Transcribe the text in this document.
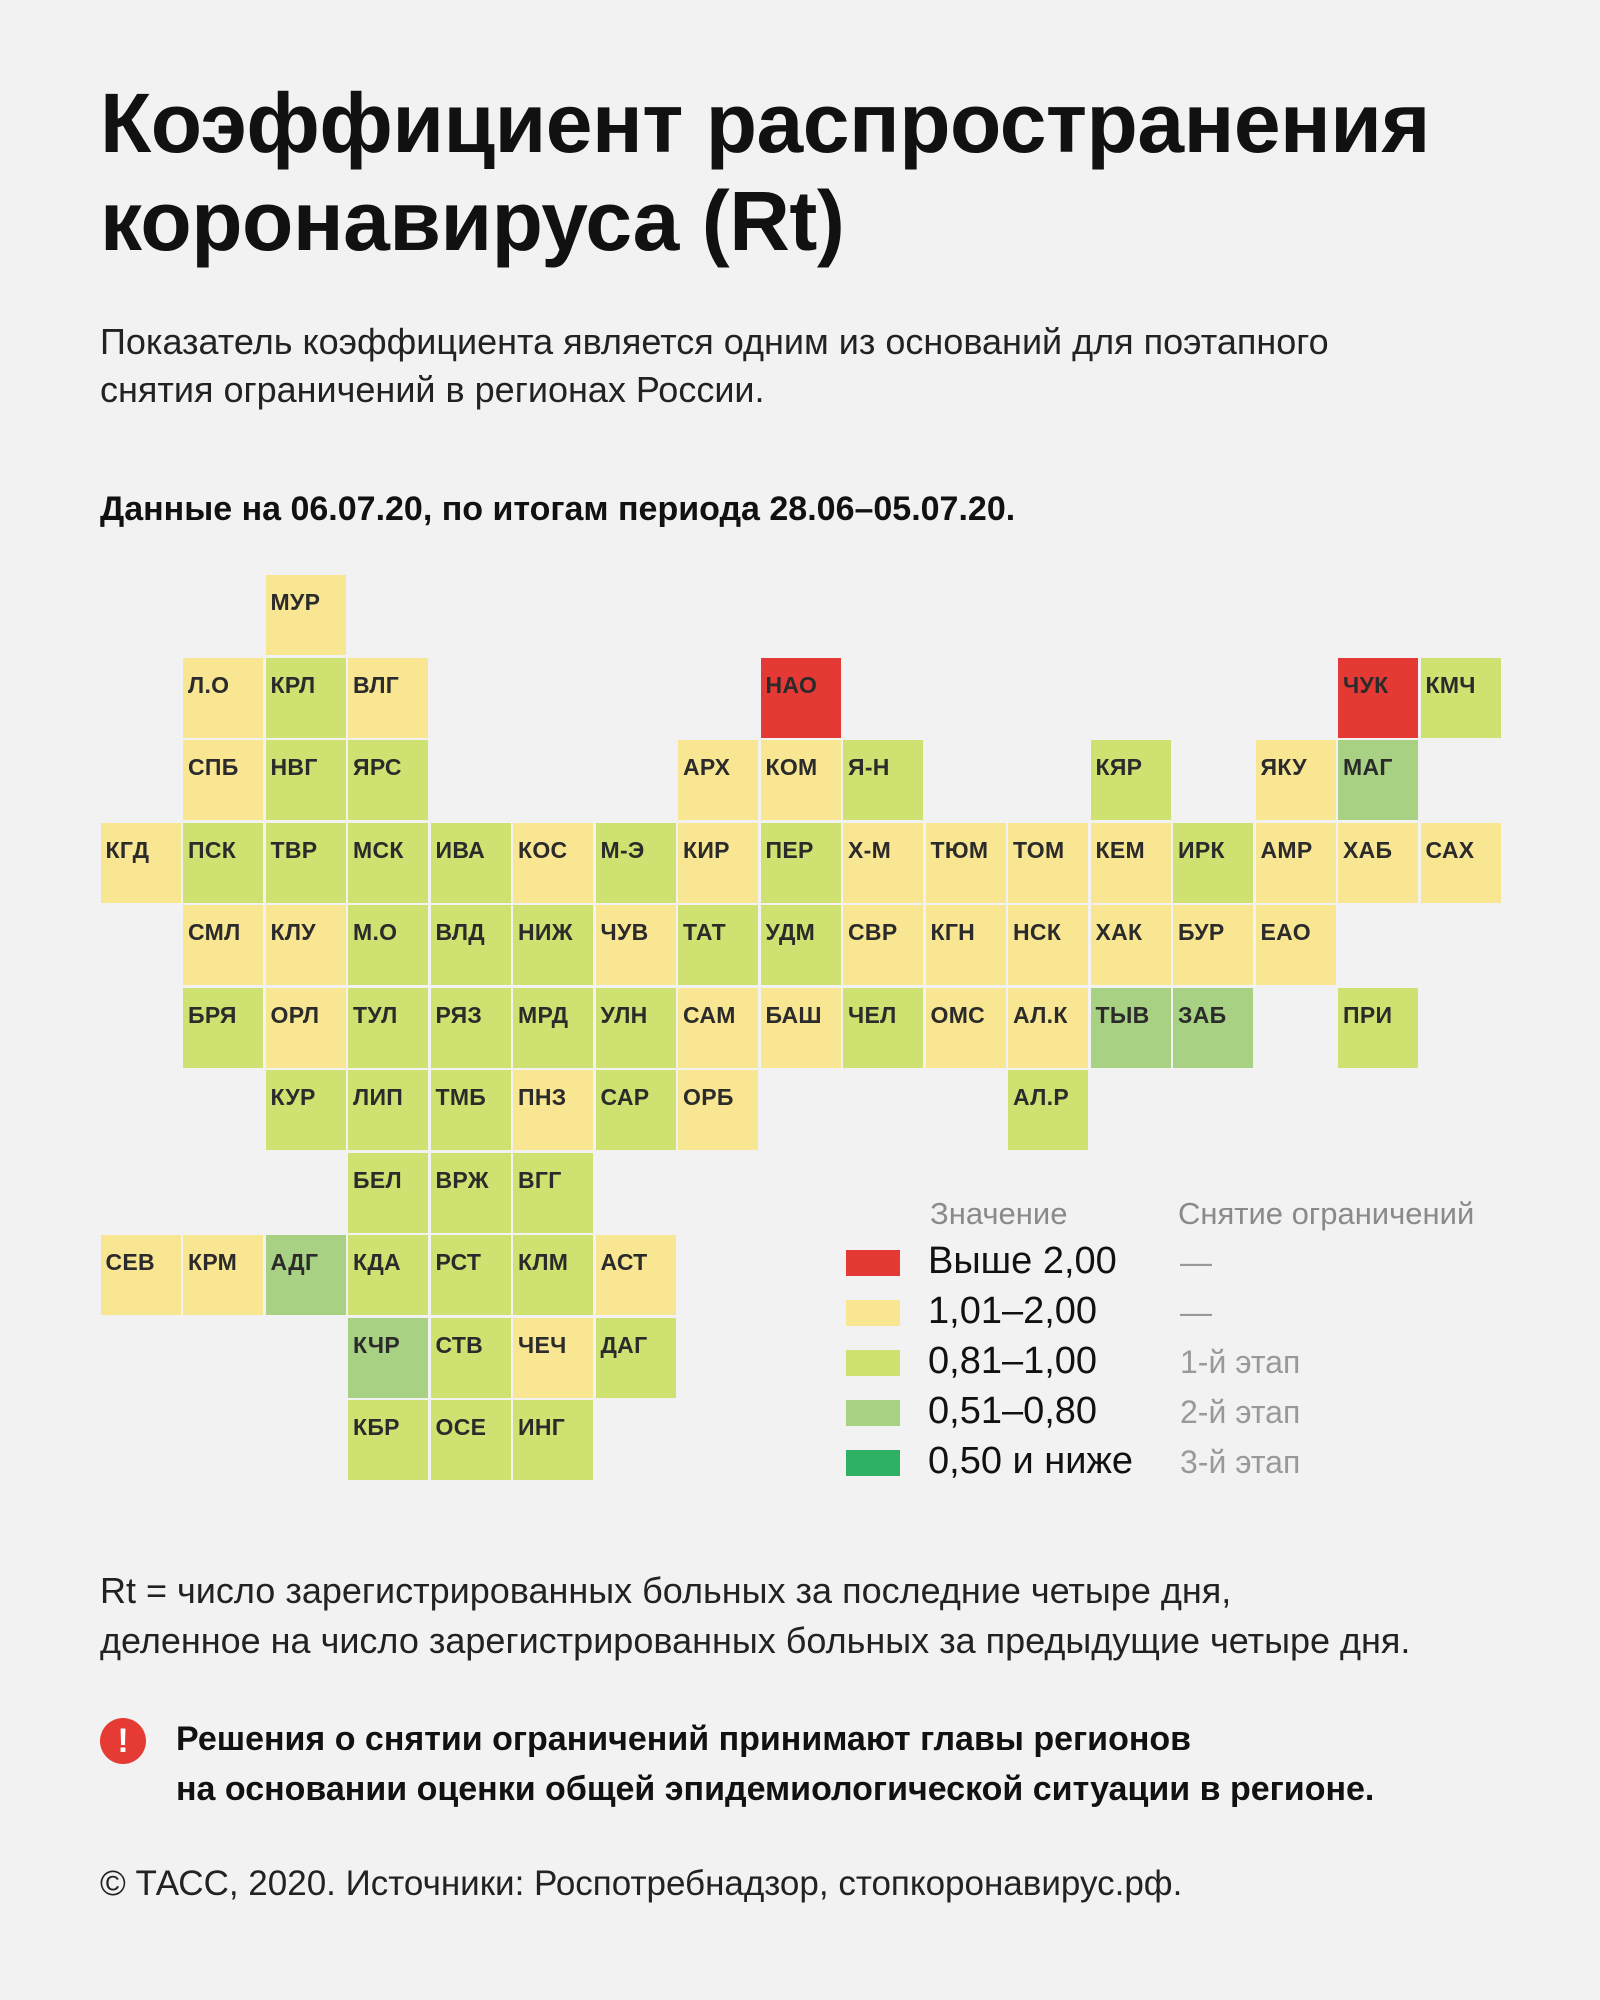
Коэффициент распространения
коронавируса (Rt)
Показатель коэффициента является одним из оснований для поэтапного
снятия ограничений в регионах России.
Данные на 06.07.20, по итогам периода 28.06–05.07.20.
МУР
Л.О	КРЛ	ВЛГ	НАО	ЧУК	КМЧ
СПБ	НВГ	ЯРС	АРХ	КОМ	Я-Н	КЯР	ЯКУ	МАГ
КГД	ПСК	ТВР	МСК	ИВА	КОС	М-Э	КИР	ПЕР	Х-М	ТЮМ	ТОМ	КЕМ	ИРК	АМР	ХАБ	САХ
СМЛ	КЛУ	М.О	ВЛД	НИЖ	ЧУВ	ТАТ	УДМ	СВР	КГН	НСК	ХАК	БУР	ЕАО
БРЯ	ОРЛ	ТУЛ	РЯЗ	МРД	УЛН	САМ	БАШ	ЧЕЛ	ОМС	АЛ.К	ТЫВ	ЗАБ	ПРИ
КУР	ЛИП	ТМБ	ПНЗ	САР	ОРБ	АЛ.Р
БЕЛ	ВРЖ	ВГГ
СЕВ	КРМ	АДГ	КДА	РСТ	КЛМ	АСТ
КЧР	СТВ	ЧЕЧ	ДАГ
КБР	ОСЕ	ИНГ
Значение	Снятие ограничений
Выше 2,00 —
1,01–2,00	—
0,81–1,00	1-й этап
0,51–0,80	2-й этап
0,50 и ниже 3-й этап
Rt = число зарегистрированных больных за последние четыре дня,
деленное на число зарегистрированных больных за предыдущие четыре дня.
!	Решения о снятии ограничений принимают главы регионов
на основании оценки общей эпидемиологической ситуации в регионе.
© ТАСС, 2020. Источники: Роспотребнадзор, стопкоронавирус.рф.
